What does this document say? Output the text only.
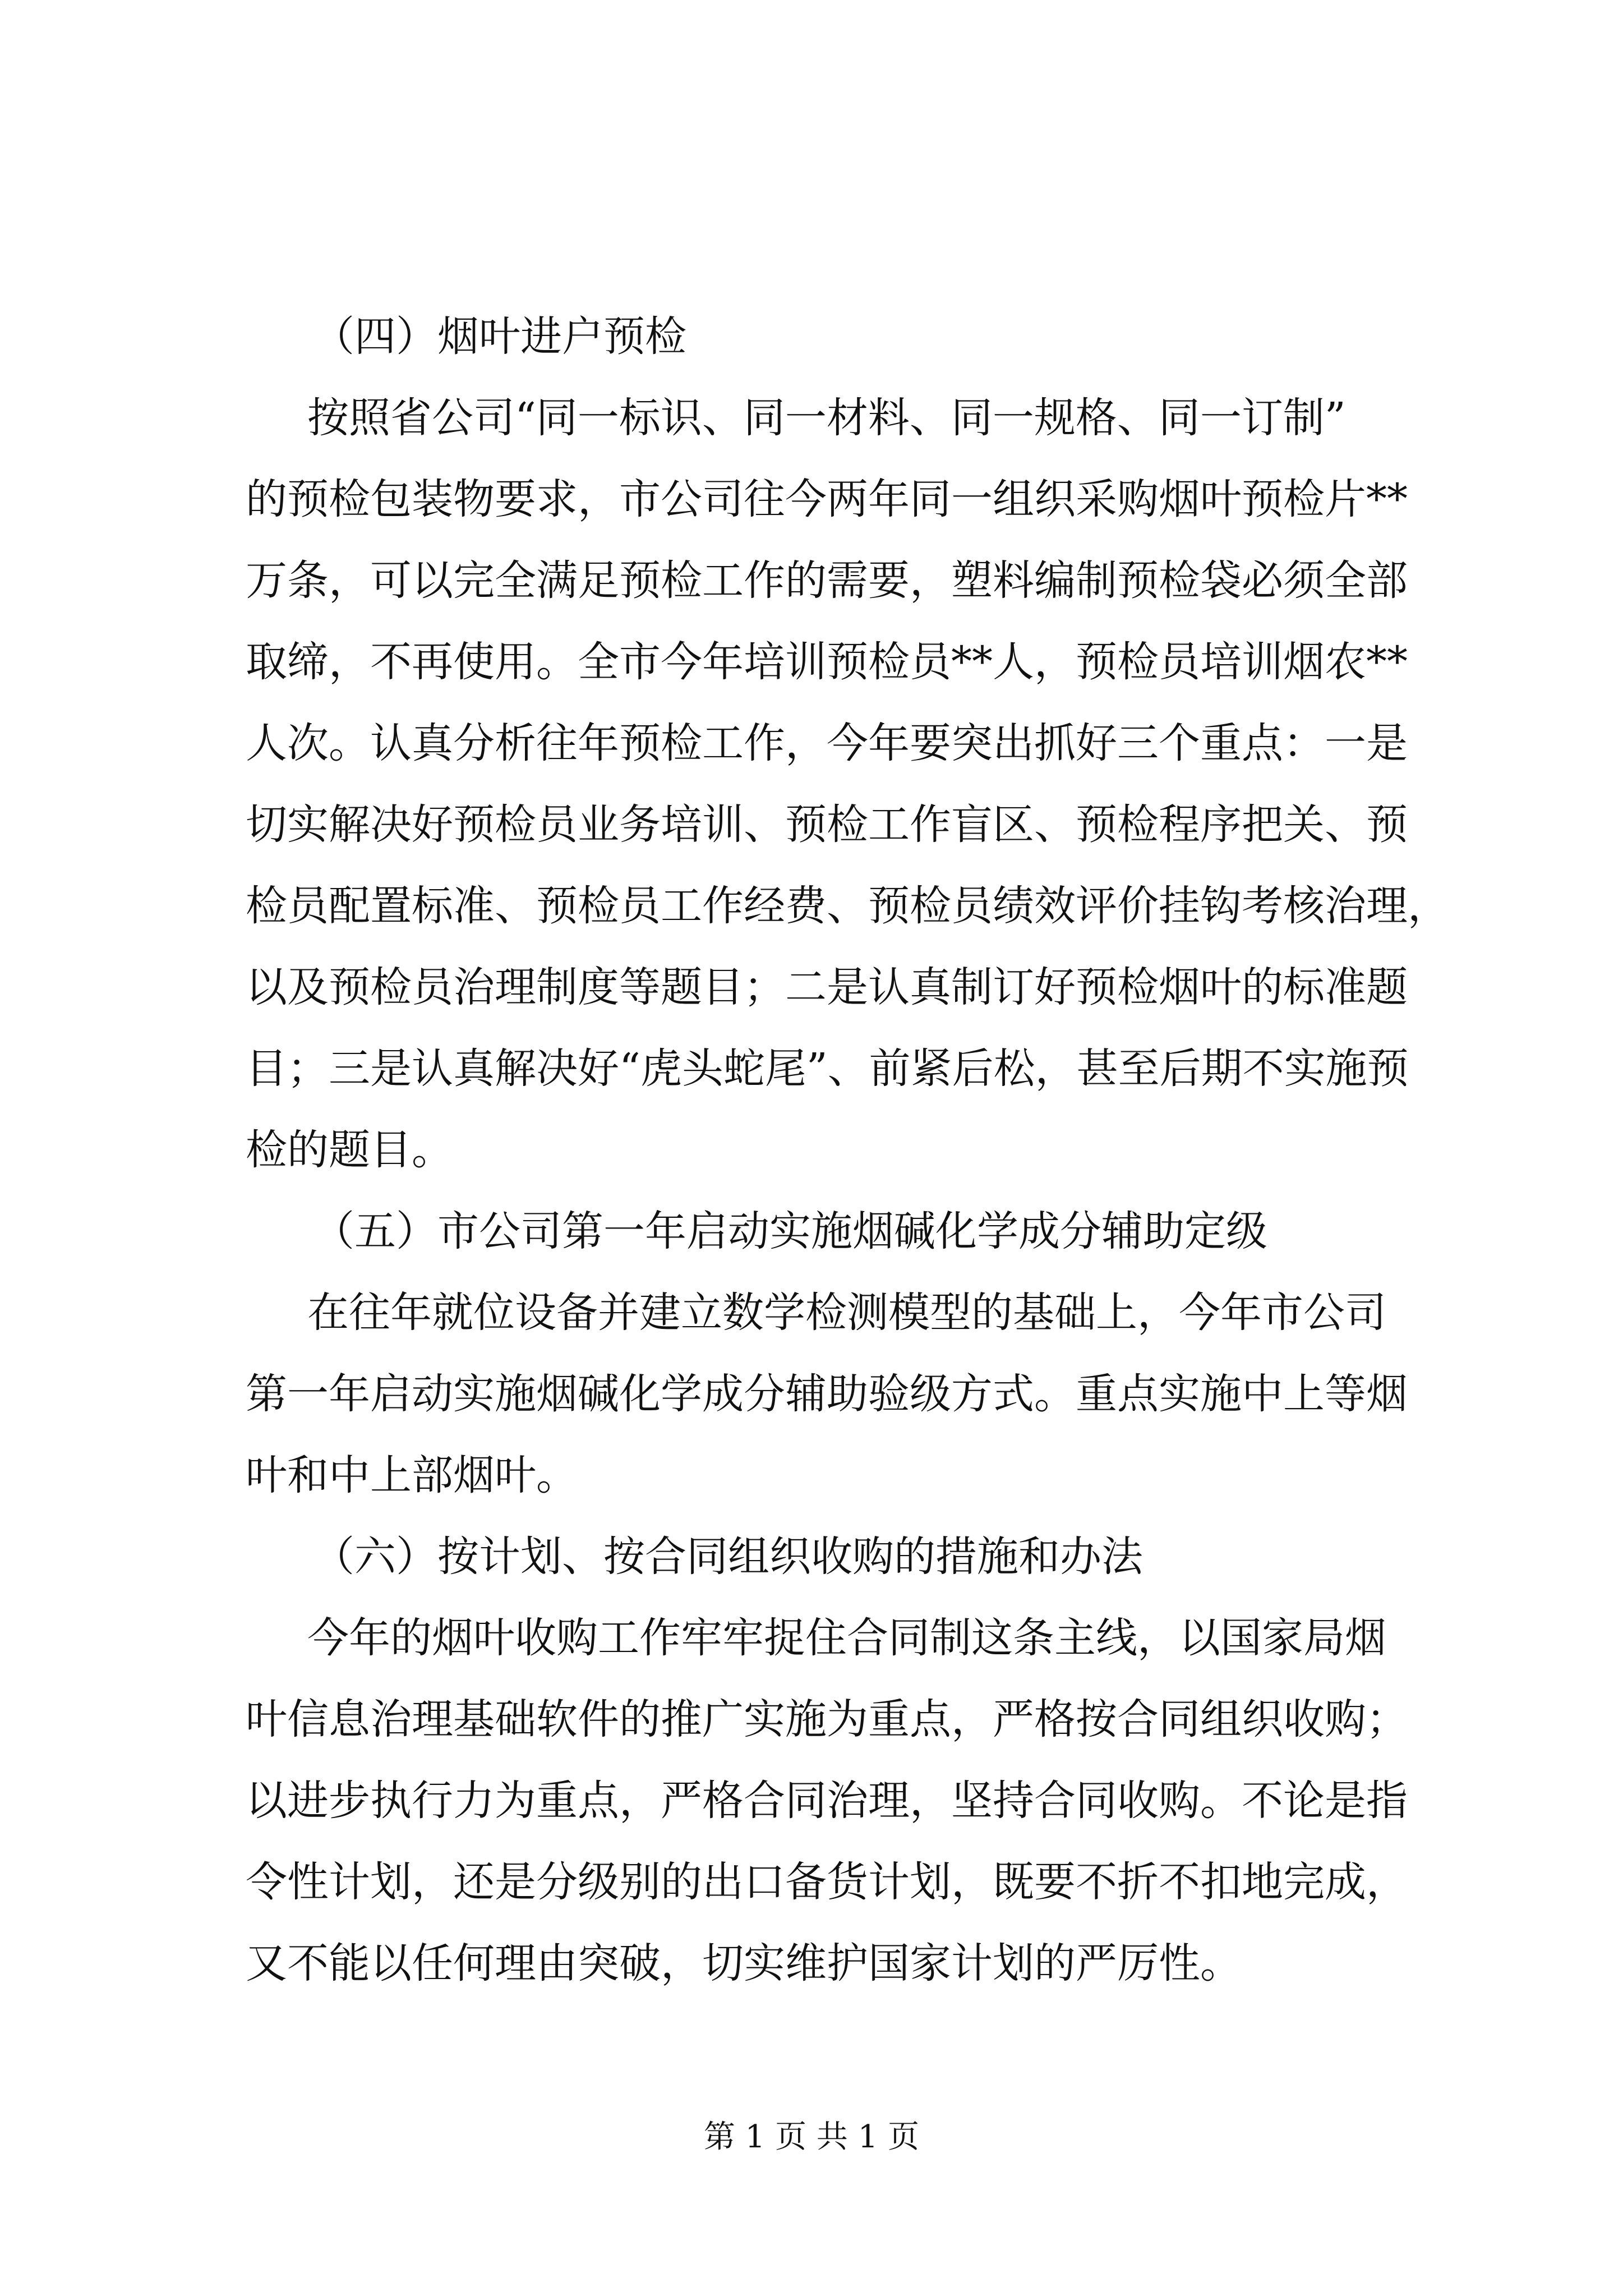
（四）烟叶进户预检
按照省公司“同一标识、同一材料、同一规格、同一订制”
的预检包装物要求，市公司往今两年同一组织采购烟叶预检片**
万条，可以完全满足预检工作的需要，塑料编制预检袋必须全部
取缔，不再使用。全市今年培训预检员**人，预检员培训烟农**
人次。认真分析往年预检工作，今年要突出抓好三个重点：一是
切实解决好预检员业务培训、预检工作盲区、预检程序把关、预
检员配置标准、预检员工作经费、预检员绩效评价挂钩考核治理，
以及预检员治理制度等题目；二是认真制订好预检烟叶的标准题
目；三是认真解决好“虎头蛇尾”、前紧后松，甚至后期不实施预
检的题目。
（五）市公司第一年启动实施烟碱化学成分辅助定级
在往年就位设备并建立数学检测模型的基础上，今年市公司
第一年启动实施烟碱化学成分辅助验级方式。重点实施中上等烟
叶和中上部烟叶。
（六）按计划、按合同组织收购的措施和办法
今年的烟叶收购工作牢牢捉住合同制这条主线，以国家局烟
叶信息治理基础软件的推广实施为重点，严格按合同组织收购；
以进步执行力为重点，严格合同治理，坚持合同收购。不论是指
令性计划，还是分级别的出口备货计划，既要不折不扣地完成，
又不能以任何理由突破，切实维护国家计划的严厉性。
第 1 页 共 1 页
